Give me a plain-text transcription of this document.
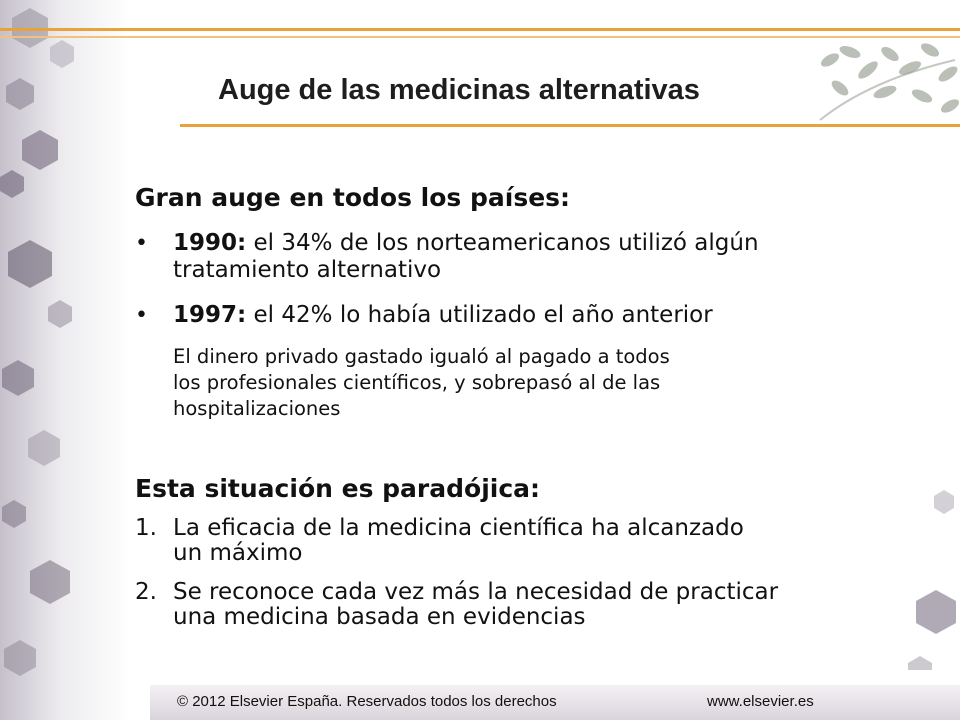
Auge de las medicinas alternativas
Gran auge en todos los países:
• 1990: el 34% de los norteamericanos utilizó algún
tratamiento alternativo
• 1997: el 42% lo había utilizado el año anterior
El dinero privado gastado igualó al pagado a todos
los profesionales científicos, y sobrepasó al de las
hospitalizaciones
Esta situación es paradójica:
1. La eficacia de la medicina científica ha alcanzado
un máximo
2. Se reconoce cada vez más la necesidad de practicar
una medicina basada en evidencias
© 2012 Elsevier España. Reservados todos los derechos	www.elsevier.es
